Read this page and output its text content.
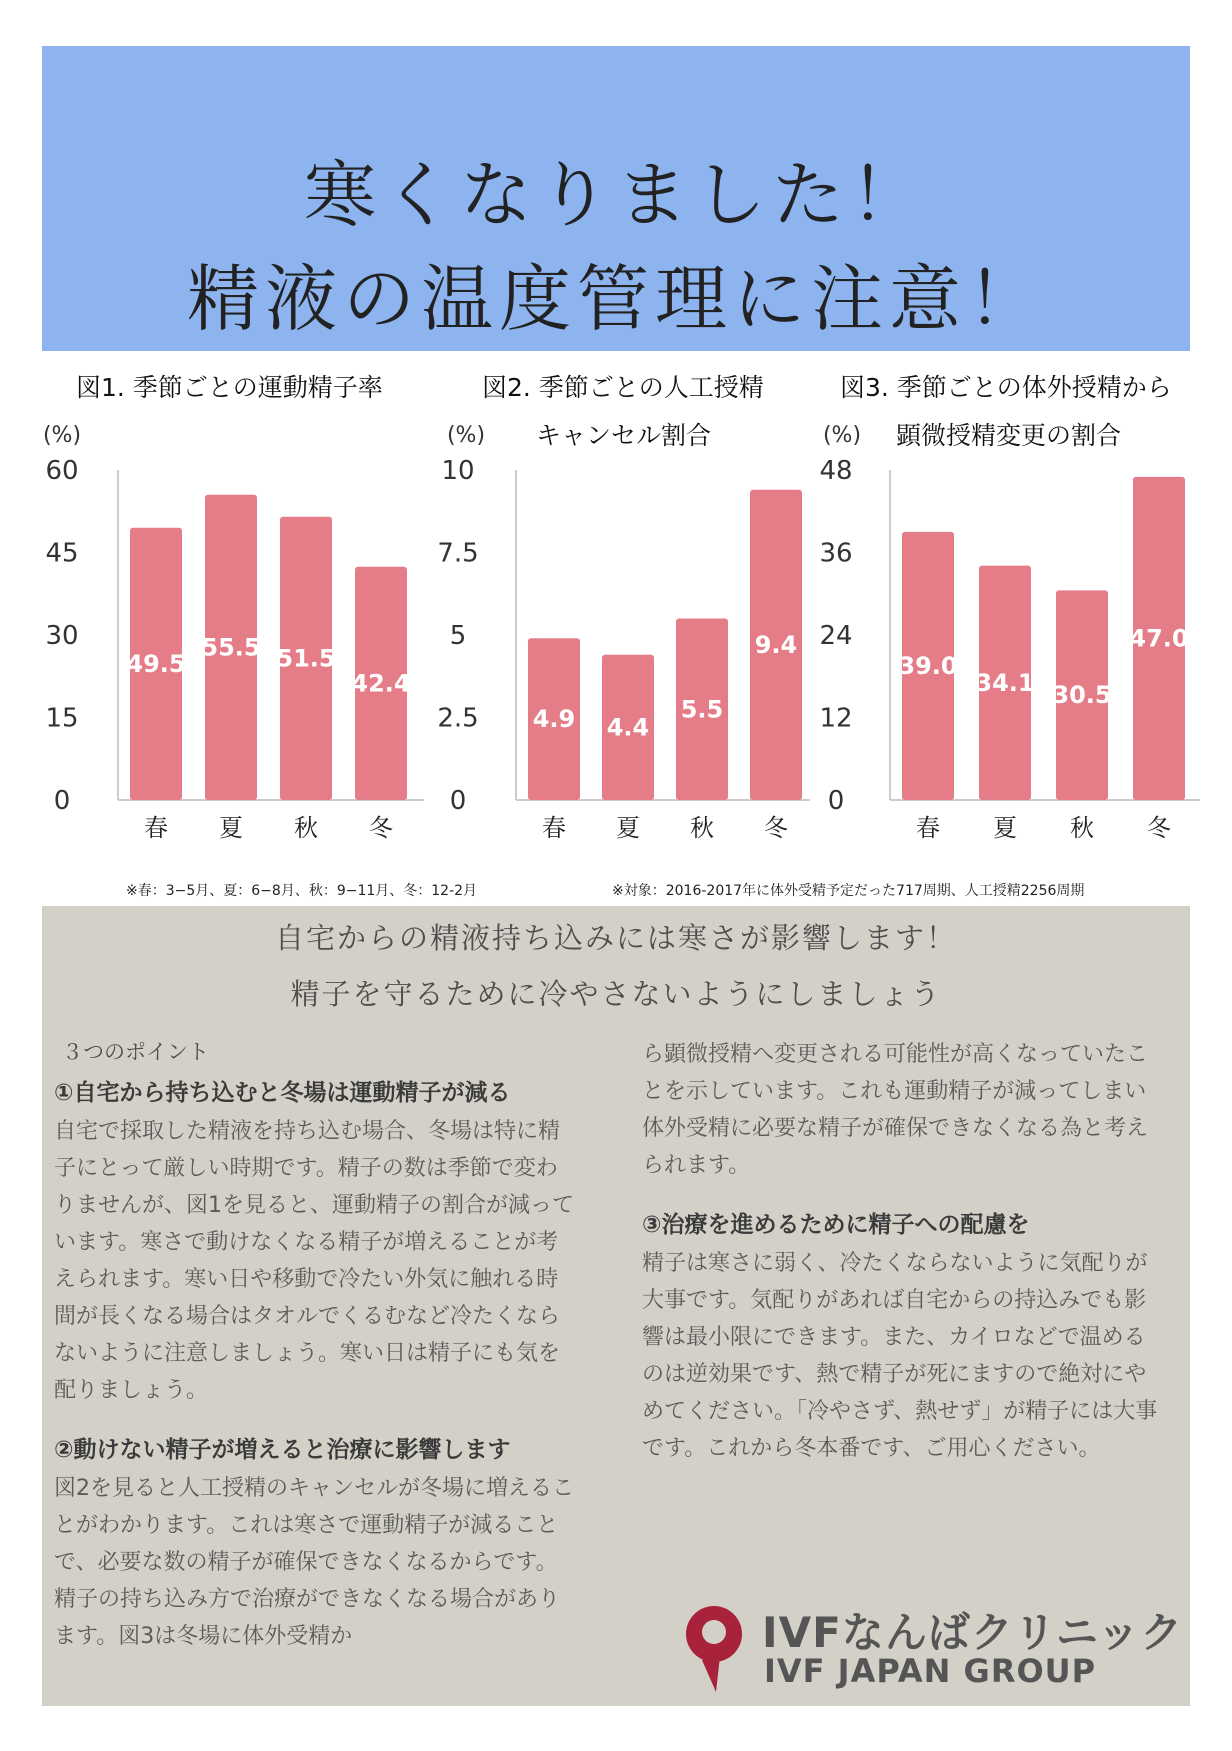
寒くなりました！
精液の温度管理に注意！
図1. 季節ごとの運動精子率	図2. 季節ごとの人工授精
キャンセル割合
図3. 季節ごとの体外授精から
顕微授精変更の割合
(%)
0
15
30
45
60
49.5
春
55.5
夏
51.5
秋
42.4
冬
(%)
0
2.5
5
7.5
10
4.9
春
4.4
夏
5.5
秋
9.4
冬
(%)
0
12
24
36
48
39.0
春
34.1
夏
30.5
秋
47.0
冬
※春：3−5月、夏：6−8月、秋：9−11月、冬：12-2月	※対象：2016-2017年に体外受精予定だった717周期、人工授精2256周期
自宅からの精液持ち込みには寒さが影響します！
精子を守るために冷やさないようにしましょう
３つのポイント
①自宅から持ち込むと冬場は運動精子が減る

自宅で採取した精液を持ち込む場合、冬場は特に精子にとって厳しい時期です。精子の数は季節で変わりませんが、図1を見ると、運動精子の割合が減っています。寒さで動けなくなる精子が増えることが考えられます。寒い日や移動で冷たい外気に触れる時間が長くなる場合はタオルでくるむなど冷たくならないように注意しましょう。寒い日は精子にも気を配りましょう。

②動けない精子が増えると治療に影響します

図2を見ると人工授精のキャンセルが冬場に増えることがわかります。これは寒さで運動精子が減ることで、必要な数の精子が確保できなくなるからです。精子の持ち込み方で治療ができなくなる場合があります。図3は冬場に体外受精か

ら顕微授精へ変更される可能性が高くなっていたことを示しています。これも運動精子が減ってしまい体外受精に必要な精子が確保できなくなる為と考えられます。

③治療を進めるために精子への配慮を

精子は寒さに弱く、冷たくならないように気配りが大事です。気配りがあれば自宅からの持込みでも影響は最小限にできます。また、カイロなどで温めるのは逆効果です、熱で精子が死にますので絶対にやめてください。「冷やさず、熱せず」が精子には大事です。これから冬本番です、ご用心ください。

IVFなんばクリニック
IVF JAPAN GROUP
